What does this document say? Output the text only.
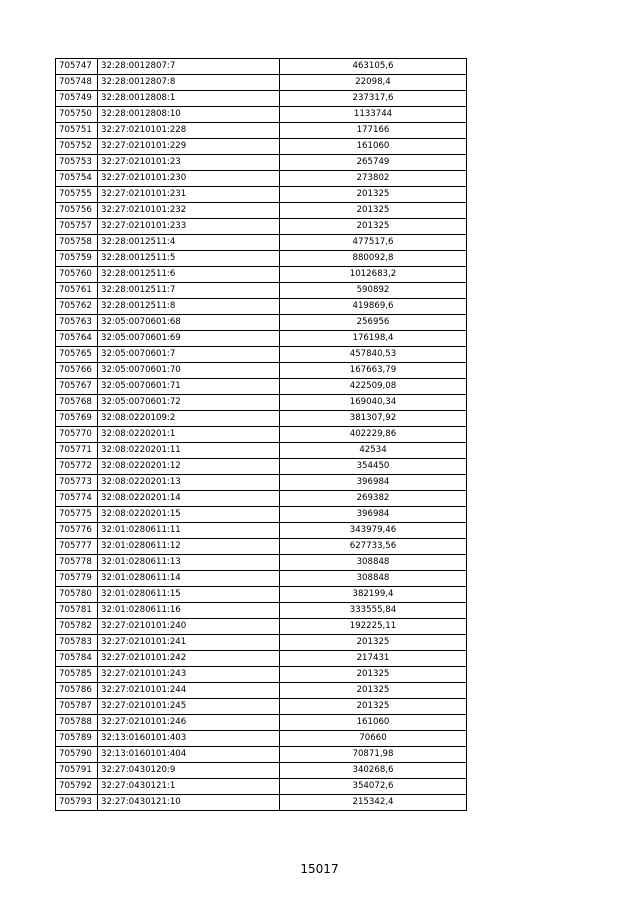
705747	32:28:0012807:7	463105,6
705748	32:28:0012807:8	22098,4
705749	32:28:0012808:1	237317,6
705750	32:28:0012808:10	1133744
705751	32:27:0210101:228	177166
705752	32:27:0210101:229	161060
705753	32:27:0210101:23	265749
705754	32:27:0210101:230	273802
705755	32:27:0210101:231	201325
705756	32:27:0210101:232	201325
705757	32:27:0210101:233	201325
705758	32:28:0012511:4	477517,6
705759	32:28:0012511:5	880092,8
705760	32:28:0012511:6	1012683,2
705761	32:28:0012511:7	590892
705762	32:28:0012511:8	419869,6
705763	32:05:0070601:68	256956
705764	32:05:0070601:69	176198,4
705765	32:05:0070601:7	457840,53
705766	32:05:0070601:70	167663,79
705767	32:05:0070601:71	422509,08
705768	32:05:0070601:72	169040,34
705769	32:08:0220109:2	381307,92
705770	32:08:0220201:1	402229,86
705771	32:08:0220201:11	42534
705772	32:08:0220201:12	354450
705773	32:08:0220201:13	396984
705774	32:08:0220201:14	269382
705775	32:08:0220201:15	396984
705776	32:01:0280611:11	343979,46
705777	32:01:0280611:12	627733,56
705778	32:01:0280611:13	308848
705779	32:01:0280611:14	308848
705780	32:01:0280611:15	382199,4
705781	32:01:0280611:16	333555,84
705782	32:27:0210101:240	192225,11
705783	32:27:0210101:241	201325
705784	32:27:0210101:242	217431
705785	32:27:0210101:243	201325
705786	32:27:0210101:244	201325
705787	32:27:0210101:245	201325
705788	32:27:0210101:246	161060
705789	32:13:0160101:403	70660
705790	32:13:0160101:404	70871,98
705791	32:27:0430120:9	340268,6
705792	32:27:0430121:1	354072,6
705793	32:27:0430121:10	215342,4
15017
